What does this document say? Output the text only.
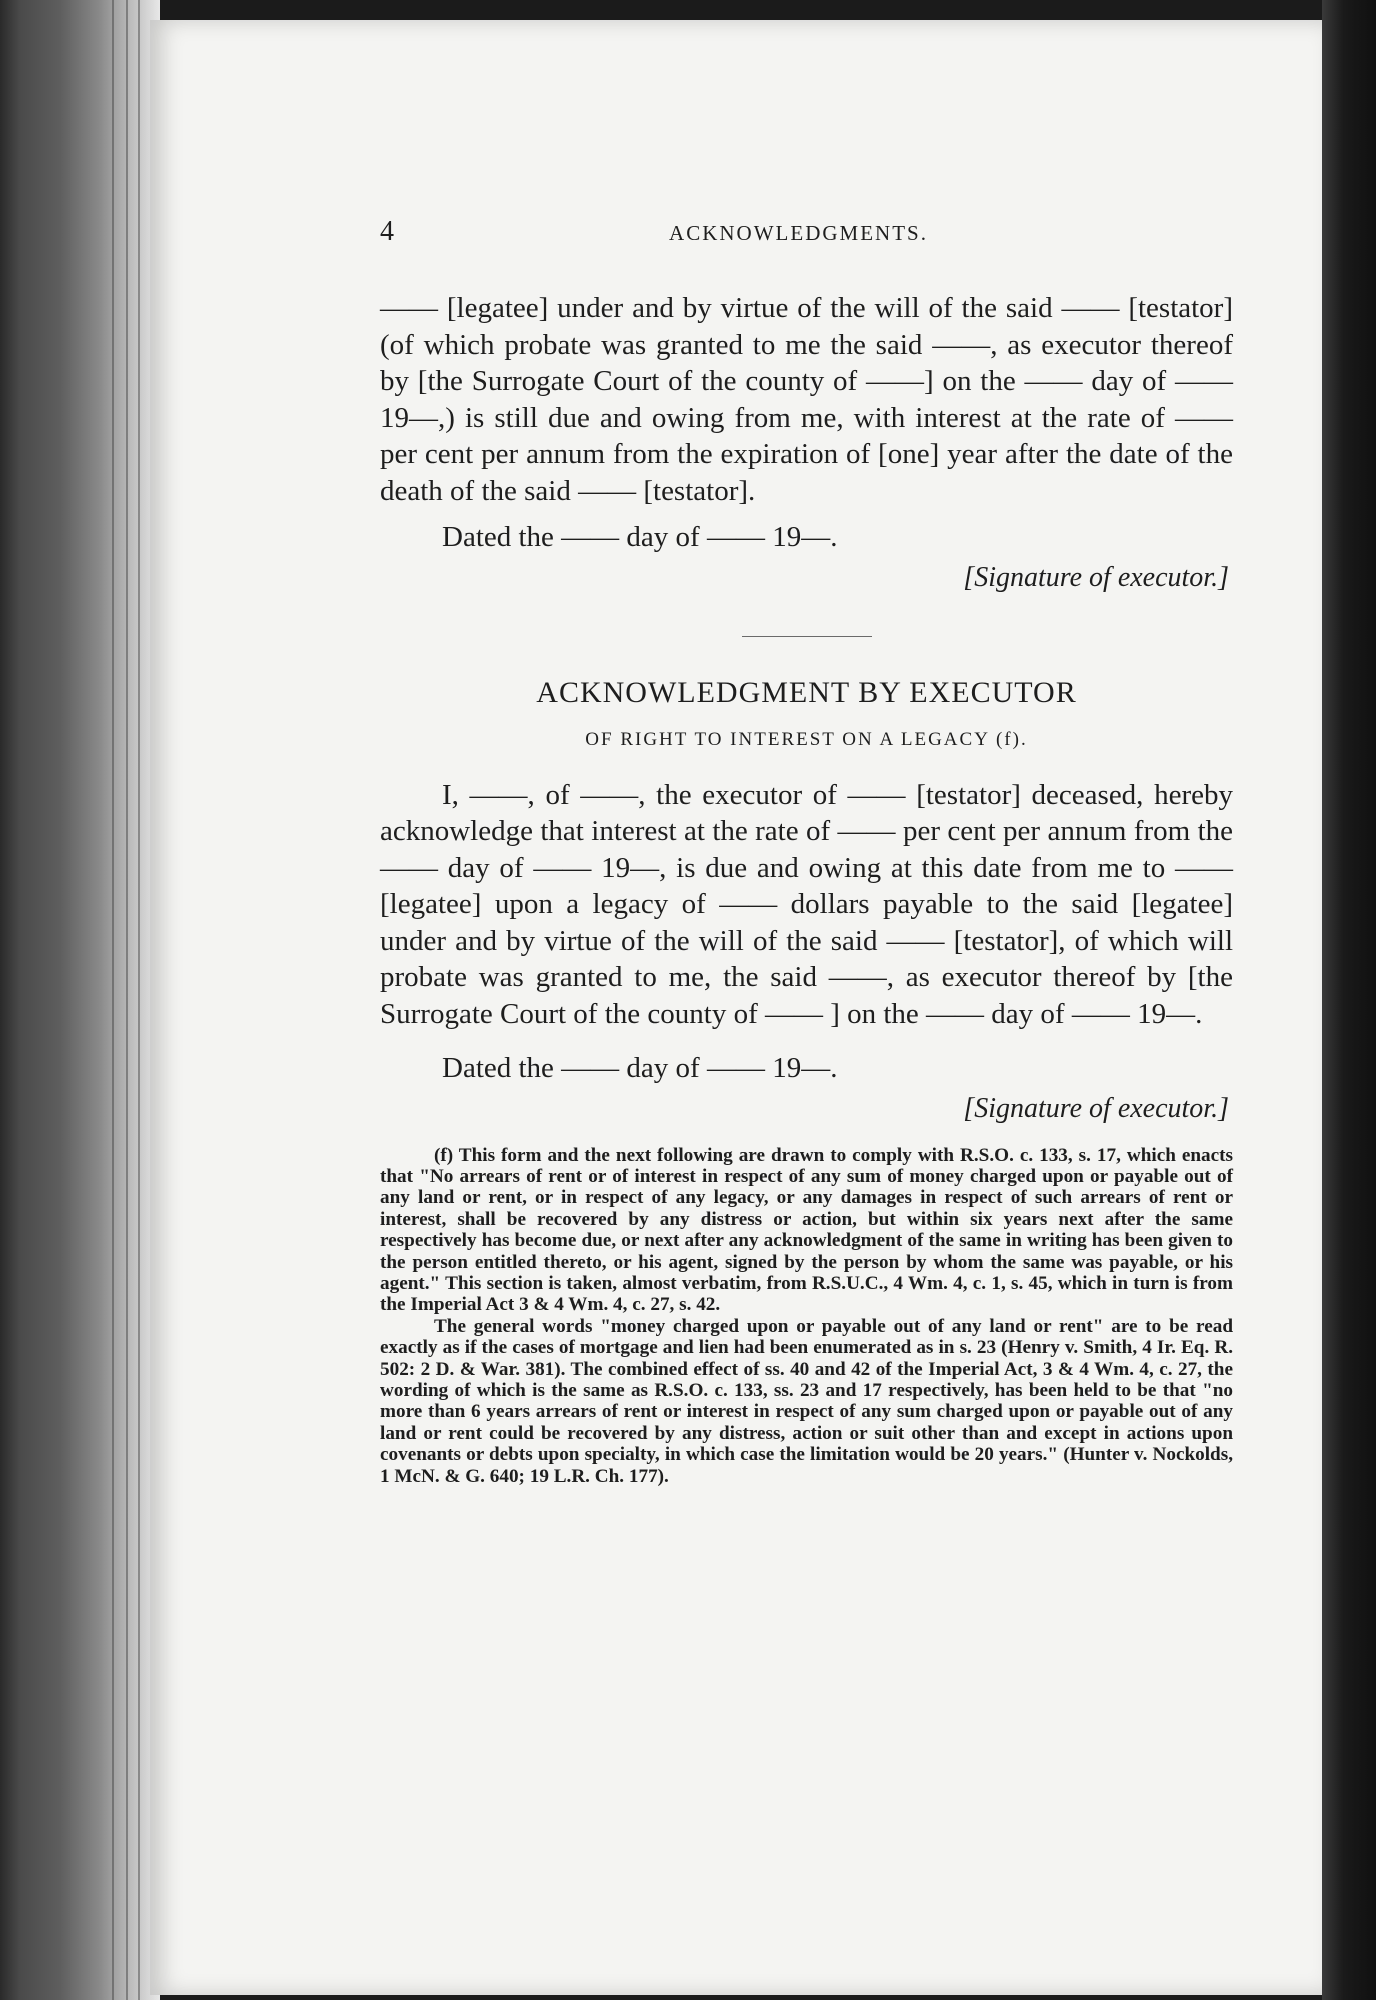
4	ACKNOWLEDGMENTS.

—— [legatee] under and by virtue of the will of the said —— [testator] (of which probate was granted to me the said ——, as executor thereof by [the Surrogate Court of the county of ——] on the —— day of —— 19—,) is still due and owing from me, with interest at the rate of —— per cent per annum from the expiration of [one] year after the date of the death of the said —— [testator].

Dated the —— day of —— 19—.

[Signature of executor.]

ACKNOWLEDGMENT BY EXECUTOR

OF RIGHT TO INTEREST ON A LEGACY (f).

I, ——, of ——, the executor of —— [testator] deceased, hereby acknowledge that interest at the rate of —— per cent per annum from the —— day of —— 19—, is due and owing at this date from me to —— [legatee] upon a legacy of —— dollars payable to the said [legatee] under and by virtue of the will of the said —— [testator], of which will probate was granted to me, the said ——, as executor thereof by [the Surrogate Court of the county of —— ] on the —— day of —— 19—.

Dated the —— day of —— 19—.

[Signature of executor.]

(f) This form and the next following are drawn to comply with R.S.O. c. 133, s. 17, which enacts that "No arrears of rent or of interest in respect of any sum of money charged upon or payable out of any land or rent, or in respect of any legacy, or any damages in respect of such arrears of rent or interest, shall be recovered by any distress or action, but within six years next after the same respectively has become due, or next after any acknowledgment of the same in writing has been given to the person entitled thereto, or his agent, signed by the person by whom the same was payable, or his agent." This section is taken, almost verbatim, from R.S.U.C., 4 Wm. 4, c. 1, s. 45, which in turn is from the Imperial Act 3 & 4 Wm. 4, c. 27, s. 42.

The general words "money charged upon or payable out of any land or rent" are to be read exactly as if the cases of mortgage and lien had been enumerated as in s. 23 (Henry v. Smith, 4 Ir. Eq. R. 502: 2 D. & War. 381). The combined effect of ss. 40 and 42 of the Imperial Act, 3 & 4 Wm. 4, c. 27, the wording of which is the same as R.S.O. c. 133, ss. 23 and 17 respectively, has been held to be that "no more than 6 years arrears of rent or interest in respect of any sum charged upon or payable out of any land or rent could be recovered by any distress, action or suit other than and except in actions upon covenants or debts upon specialty, in which case the limitation would be 20 years." (Hunter v. Nockolds, 1 McN. & G. 640; 19 L.R. Ch. 177).
